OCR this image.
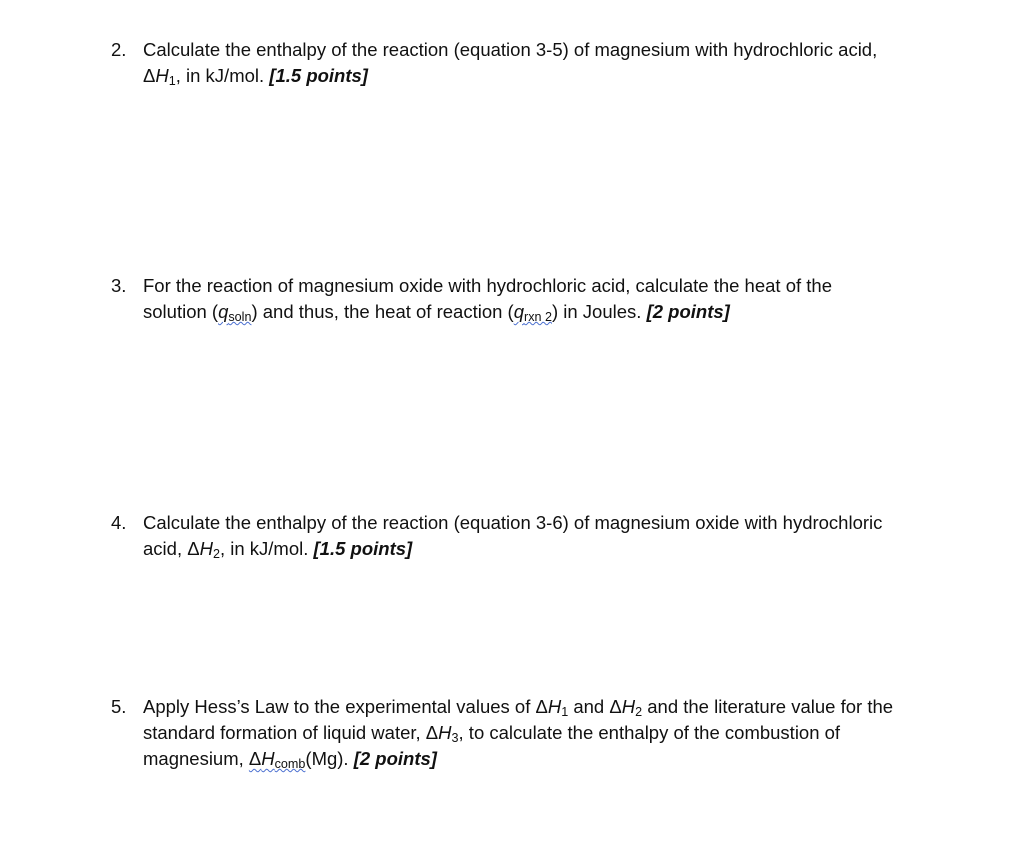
2. Calculate the enthalpy of the reaction (equation 3-5) of magnesium with hydrochloric acid,
$\Delta H_1$, in kJ/mol. [1.5 points]
3. For the reaction of magnesium oxide with hydrochloric acid, calculate the heat of the
solution $(q_{soln})$ and thus, the heat of reaction $(q_{rxn 2})$ in Joules. [2 points]
4. Calculate the enthalpy of the reaction (equation 3-6) of magnesium oxide with hydrochloric
acid, $\Delta H_2$, in kJ/mol. [1.5 points]
5. Apply Hess’s Law to the experimental values of $\Delta H_1$ and $\Delta H_2$ and the literature value for the
standard formation of liquid water, $\Delta H_3$, to calculate the enthalpy of the combustion of
magnesium, $\Delta H_{comb}(Mg)$. [2 points]
